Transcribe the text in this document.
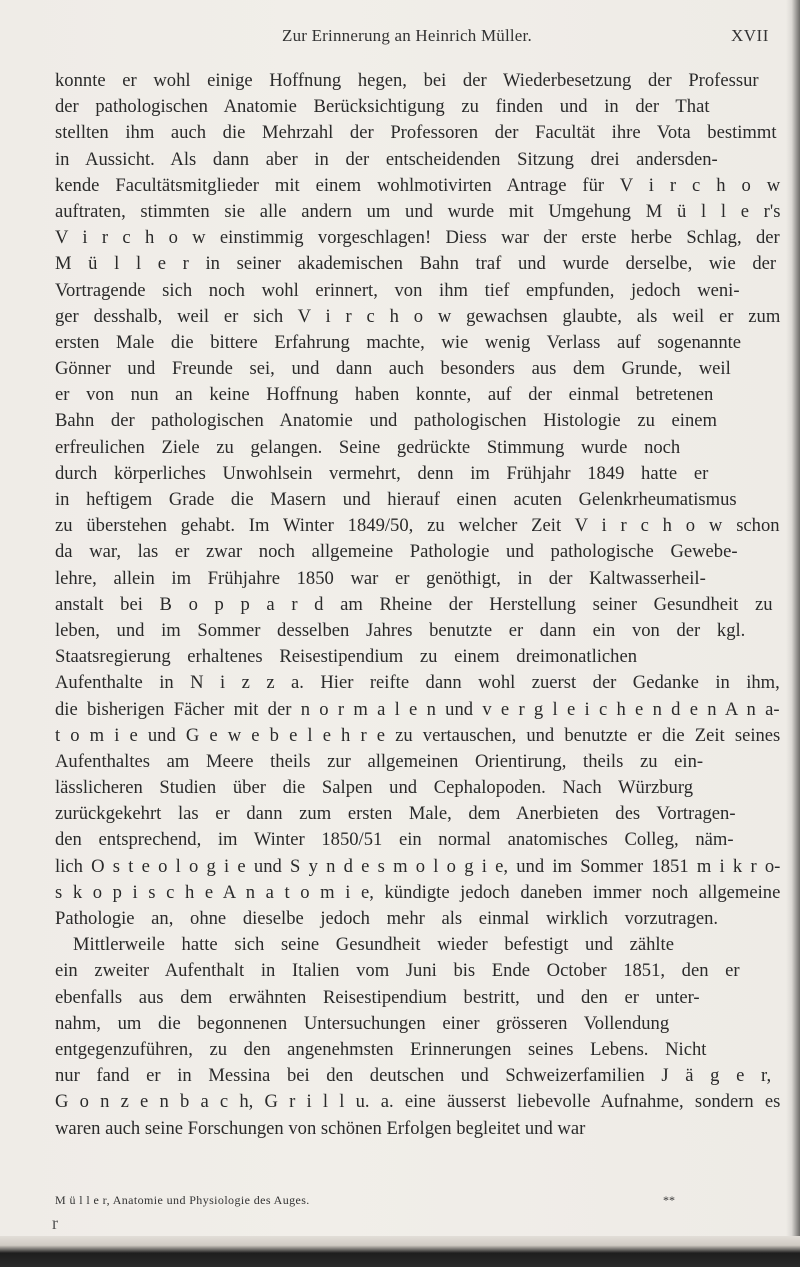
Zur Erinnerung an Heinrich Müller.	XVII
konnte er wohl einige Hoffnung hegen, bei der Wiederbesetzung der Professur
der pathologischen Anatomie Berücksichtigung zu finden und in der That
stellten ihm auch die Mehrzahl der Professoren der Facultät ihre Vota bestimmt
in Aussicht. Als dann aber in der entscheidenden Sitzung drei andersden-
kende Facultätsmitglieder mit einem wohlmotivirten Antrage für V i r c h o w
auftraten, stimmten sie alle andern um und wurde mit Umgehung M ü l l e r's
V i r c h o w einstimmig vorgeschlagen! Diess war der erste herbe Schlag, der
M ü l l e r in seiner akademischen Bahn traf und wurde derselbe, wie der
Vortragende sich noch wohl erinnert, von ihm tief empfunden, jedoch weni-
ger desshalb, weil er sich V i r c h o w gewachsen glaubte, als weil er zum
ersten Male die bittere Erfahrung machte, wie wenig Verlass auf sogenannte
Gönner und Freunde sei, und dann auch besonders aus dem Grunde, weil
er von nun an keine Hoffnung haben konnte, auf der einmal betretenen
Bahn der pathologischen Anatomie und pathologischen Histologie zu einem
erfreulichen Ziele zu gelangen. Seine gedrückte Stimmung wurde noch
durch körperliches Unwohlsein vermehrt, denn im Frühjahr 1849 hatte er
in heftigem Grade die Masern und hierauf einen acuten Gelenkrheumatismus
zu überstehen gehabt. Im Winter 1849/50, zu welcher Zeit V i r c h o w schon
da war, las er zwar noch allgemeine Pathologie und pathologische Gewebe-
lehre, allein im Frühjahre 1850 war er genöthigt, in der Kaltwasserheil-
anstalt bei B o p p a r d am Rheine der Herstellung seiner Gesundheit zu
leben, und im Sommer desselben Jahres benutzte er dann ein von der kgl.
Staatsregierung erhaltenes Reisestipendium zu einem dreimonatlichen
Aufenthalte in N i z z a. Hier reifte dann wohl zuerst der Gedanke in ihm,
die bisherigen Fächer mit der n o r m a l e n und v e r g l e i c h e n d e n A n a-
t o m i e und G e w e b e l e h r e zu vertauschen, und benutzte er die Zeit seines
Aufenthaltes am Meere theils zur allgemeinen Orientirung, theils zu ein-
lässlicheren Studien über die Salpen und Cephalopoden. Nach Würzburg
zurückgekehrt las er dann zum ersten Male, dem Anerbieten des Vortragen-
den entsprechend, im Winter 1850/51 ein normal anatomisches Colleg, näm-
lich O s t e o l o g i e und S y n d e s m o l o g i e, und im Sommer 1851 m i k r o-
s k o p i s c h e A n a t o m i e, kündigte jedoch daneben immer noch allgemeine
Pathologie an, ohne dieselbe jedoch mehr als einmal wirklich vorzutragen.
Mittlerweile hatte sich seine Gesundheit wieder befestigt und zählte
ein zweiter Aufenthalt in Italien vom Juni bis Ende October 1851, den er
ebenfalls aus dem erwähnten Reisestipendium bestritt, und den er unter-
nahm, um die begonnenen Untersuchungen einer grösseren Vollendung
entgegenzuführen, zu den angenehmsten Erinnerungen seines Lebens. Nicht
nur fand er in Messina bei den deutschen und Schweizerfamilien J ä g e r,
G o n z e n b a c h, G r i l l u. a. eine äusserst liebevolle Aufnahme, sondern es
waren auch seine Forschungen von schönen Erfolgen begleitet und war
M ü l l e r, Anatomie und Physiologie des Auges.	**
r
